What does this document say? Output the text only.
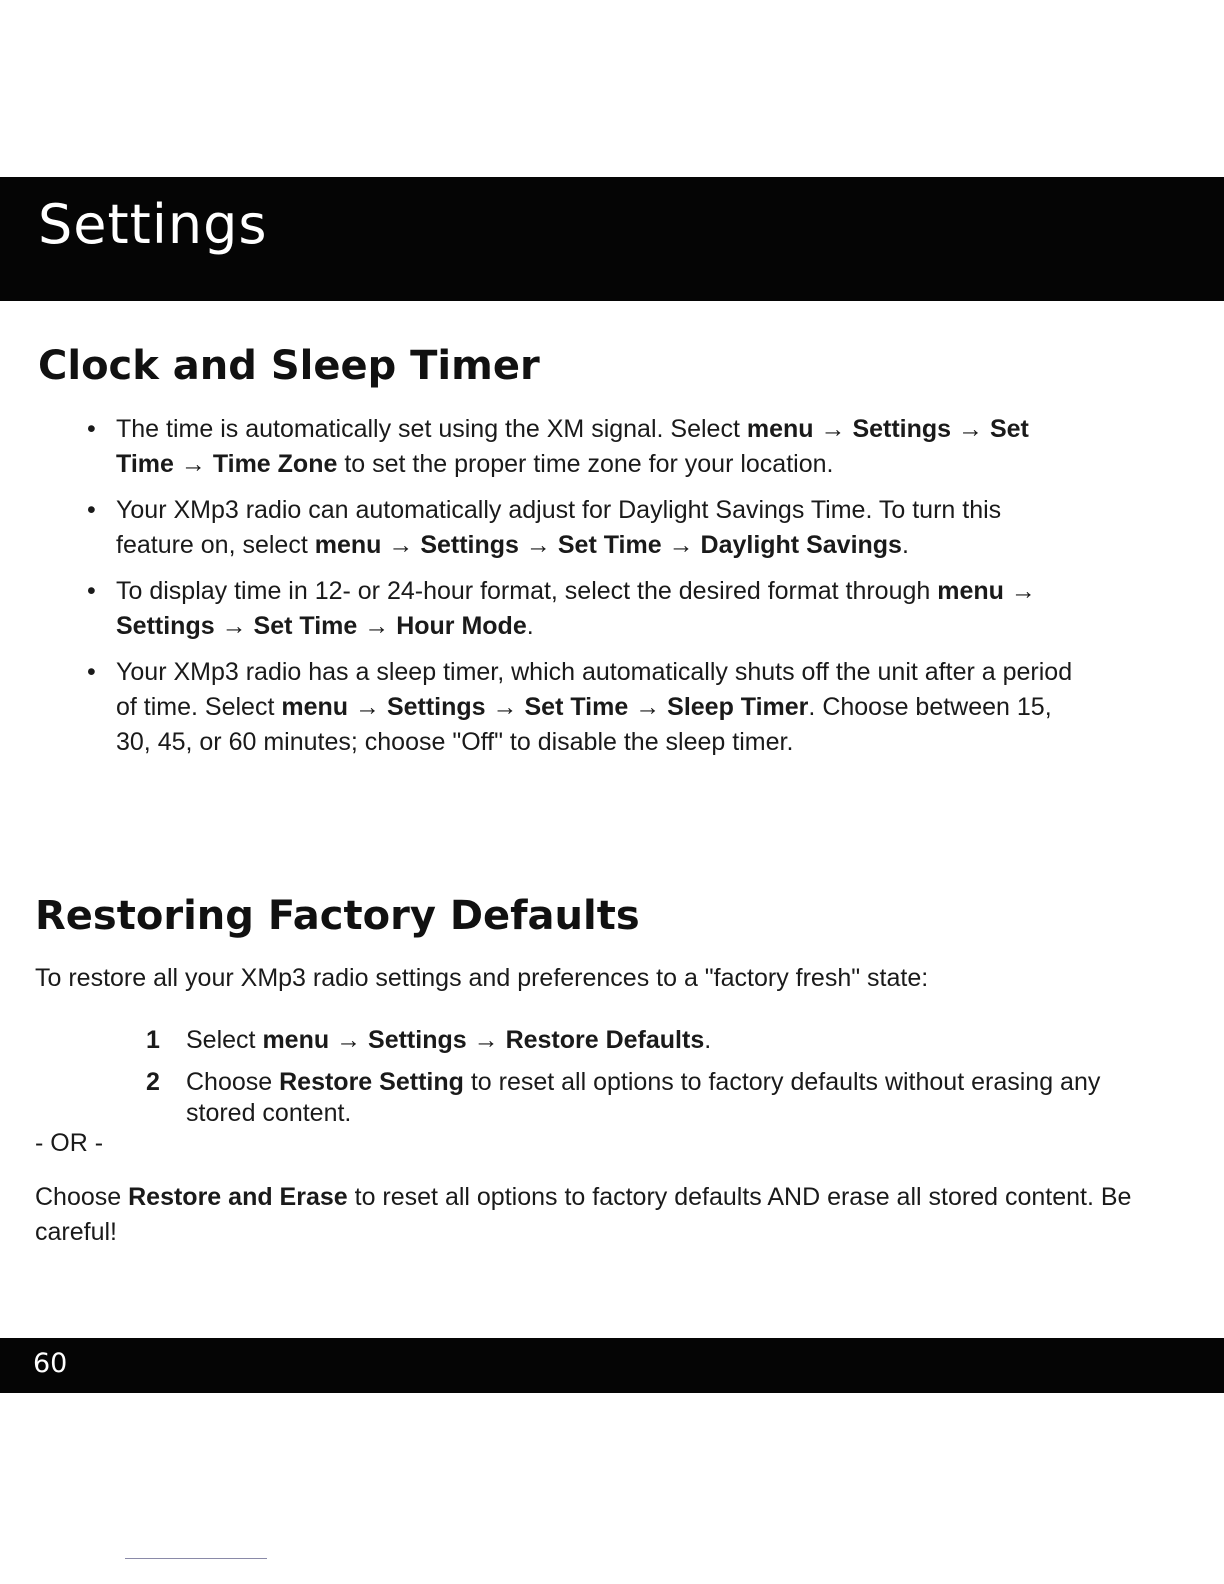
Settings
Clock and Sleep Timer
• The time is automatically set using the XM signal. Select menu → Settings → Set Time → Time Zone to set the proper time zone for your location.
• Your XMp3 radio can automatically adjust for Daylight Savings Time. To turn this feature on, select menu → Settings → Set Time → Daylight Savings.
• To display time in 12- or 24-hour format, select the desired format through menu → Settings → Set Time → Hour Mode.
• Your XMp3 radio has a sleep timer, which automatically shuts off the unit after a period of time. Select menu → Settings → Set Time → Sleep Timer. Choose between 15, 30, 45, or 60 minutes; choose "Off" to disable the sleep timer.
Restoring Factory Defaults

To restore all your XMp3 radio settings and preferences to a "factory fresh" state:

1 Select menu → Settings → Restore Defaults.
2 Choose Restore Setting to reset all options to factory defaults without erasing any stored content.

- OR -

Choose Restore and Erase to reset all options to factory defaults AND erase all stored content. Be careful!

60
